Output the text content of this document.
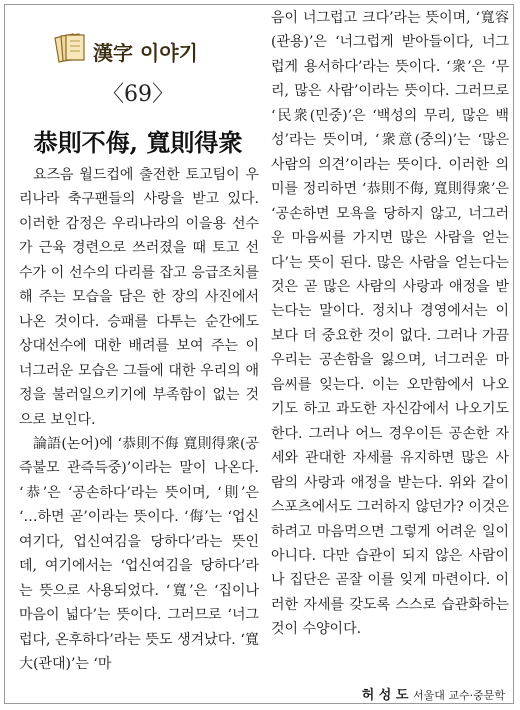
漢字 이야기
〈69〉
恭則不侮, 寬則得衆

요즈음 월드컵에 출전한 토고팀이 우리나라 축구팬들의 사랑을 받고 있다. 이러한 감정은 우리나라의 이을용 선수가 근육 경련으로 쓰러졌을 때 토고 선수가 이 선수의 다리를 잡고 응급조치를 해 주는 모습을 담은 한 장의 사진에서 나온 것이다. 승패를 다투는 순간에도 상대선수에 대한 배려를 보여 주는 이 너그러운 모습은 그들에 대한 우리의 애정을 불러일으키기에 부족함이 없는 것으로 보인다.

論語(논어)에 ‘恭則不侮 寬則得衆(공즉불모 관즉득중)’이라는 말이 나온다. ‘恭’은 ‘공손하다’라는 뜻이며, ‘則’은 ‘…하면 곧’이라는 뜻이다. ‘侮’는 ‘업신여기다, 업신여김을 당하다’라는 뜻인데, 여기에서는 ‘업신여김을 당하다’라는 뜻으로 사용되었다. ‘寬’은 ‘집이나 마음이 넓다’는 뜻이다. 그러므로 ‘너그럽다, 온후하다’라는 뜻도 생겨났다. ‘寬大(관대)’는 ‘마

음이 너그럽고 크다’라는 뜻이며, ‘寬容(관용)’은 ‘너그럽게 받아들이다, 너그럽게 용서하다’라는 뜻이다. ‘衆’은 ‘무리, 많은 사람’이라는 뜻이다. 그러므로 ‘民衆(민중)’은 ‘백성의 무리, 많은 백성’라는 뜻이며, ‘衆意(중의)’는 ‘많은 사람의 의견’이라는 뜻이다. 이러한 의미를 정리하면 ‘恭則不侮, 寬則得衆’은 ‘공손하면 모욕을 당하지 않고, 너그러운 마음씨를 가지면 많은 사람을 얻는다’는 뜻이 된다. 많은 사람을 얻는다는 것은 곧 많은 사람의 사랑과 애정을 받는다는 말이다. 정치나 경영에서는 이보다 더 중요한 것이 없다. 그러나 가끔 우리는 공손함을 잃으며, 너그러운 마음씨를 잊는다. 이는 오만함에서 나오기도 하고 과도한 자신감에서 나오기도 한다. 그러나 어느 경우이든 공손한 자세와 관대한 자세를 유지하면 많은 사람의 사랑과 애정을 받는다. 위와 같이 스포츠에서도 그러하지 않던가? 이것은 하려고 마음먹으면 그렇게 어려운 일이 아니다. 다만 습관이 되지 않은 사람이나 집단은 곧잘 이를 잊게 마련이다. 이러한 자세를 갖도록 스스로 습관화하는 것이 수양이다.

허 성 도 서울대 교수·중문학
